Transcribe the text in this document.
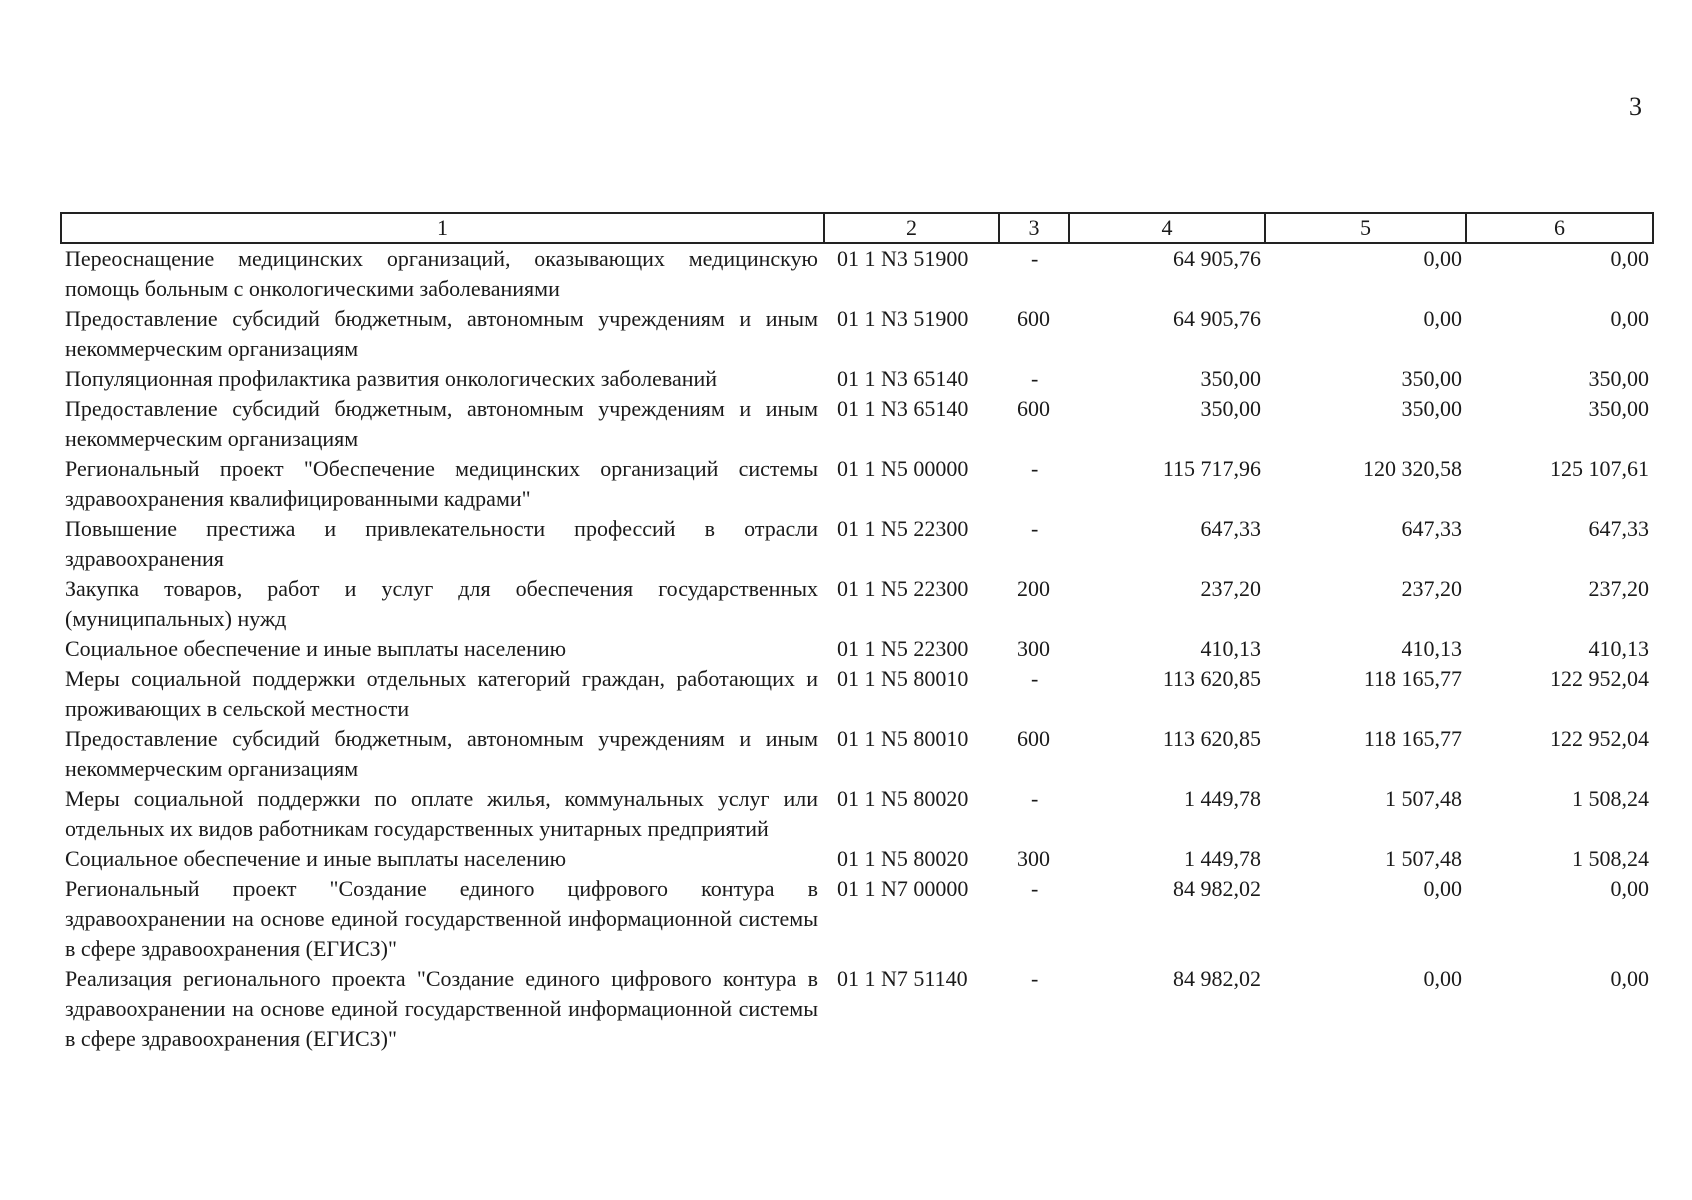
3
1	2	3	4	5	6
Переоснащение медицинских организаций, оказывающих медицинскую помощь больным с онкологическими заболеваниями	01 1 N3 51900	-	64 905,76	0,00	0,00
Предоставление субсидий бюджетным, автономным учреждениям и иным некоммерческим организациям	01 1 N3 51900	600	64 905,76	0,00	0,00
Популяционная профилактика развития онкологических заболеваний	01 1 N3 65140	-	350,00	350,00	350,00
Предоставление субсидий бюджетным, автономным учреждениям и иным некоммерческим организациям	01 1 N3 65140	600	350,00	350,00	350,00
Региональный проект "Обеспечение медицинских организаций системы здравоохранения квалифицированными кадрами"	01 1 N5 00000	-	115 717,96	120 320,58	125 107,61
Повышение престижа и привлекательности профессий в отрасли здравоохранения	01 1 N5 22300	-	647,33	647,33	647,33
Закупка товаров, работ и услуг для обеспечения государственных (муниципальных) нужд	01 1 N5 22300	200	237,20	237,20	237,20
Социальное обеспечение и иные выплаты населению	01 1 N5 22300	300	410,13	410,13	410,13
Меры социальной поддержки отдельных категорий граждан, работающих и проживающих в сельской местности	01 1 N5 80010	-	113 620,85	118 165,77	122 952,04
Предоставление субсидий бюджетным, автономным учреждениям и иным некоммерческим организациям	01 1 N5 80010	600	113 620,85	118 165,77	122 952,04
Меры социальной поддержки по оплате жилья, коммунальных услуг или отдельных их видов работникам государственных унитарных предприятий	01 1 N5 80020	-	1 449,78	1 507,48	1 508,24
Социальное обеспечение и иные выплаты населению	01 1 N5 80020	300	1 449,78	1 507,48	1 508,24
Региональный проект "Создание единого цифрового контура в здравоохранении на основе единой государственной информационной системы в сфере здравоохранения (ЕГИСЗ)"	01 1 N7 00000	-	84 982,02	0,00	0,00
Реализация регионального проекта "Создание единого цифрового контура в здравоохранении на основе единой государственной информационной системы в сфере здравоохранения (ЕГИСЗ)"	01 1 N7 51140	-	84 982,02	0,00	0,00
